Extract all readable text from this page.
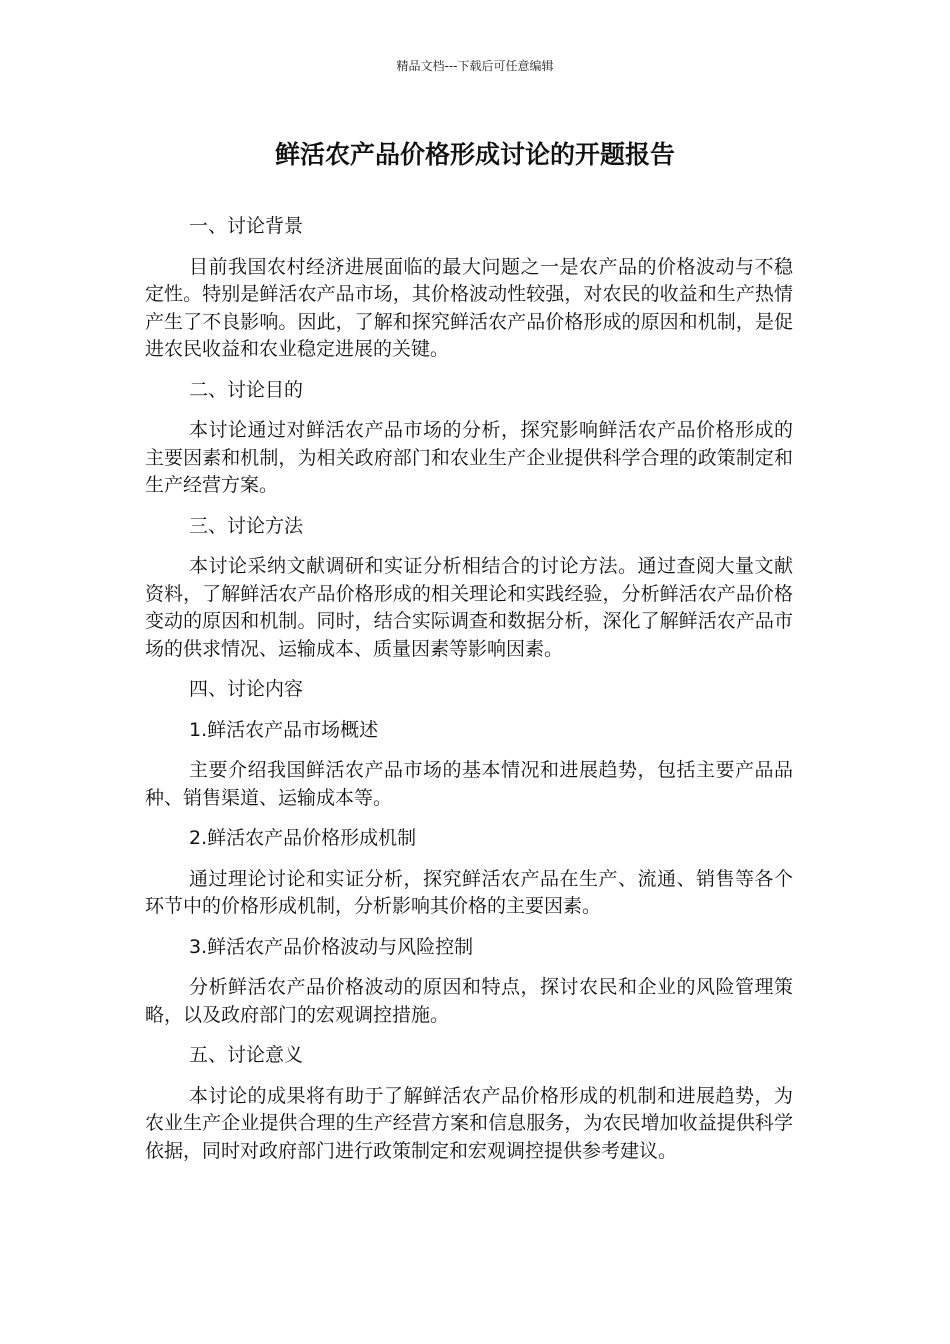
精品文档---下载后可任意编辑
鲜活农产品价格形成讨论的开题报告

一、讨论背景

目前我国农村经济进展面临的最大问题之一是农产品的价格波动与不稳定性。特别是鲜活农产品市场，其价格波动性较强，对农民的收益和生产热情产生了不良影响。因此，了解和探究鲜活农产品价格形成的原因和机制，是促进农民收益和农业稳定进展的关键。

二、讨论目的

本讨论通过对鲜活农产品市场的分析，探究影响鲜活农产品价格形成的主要因素和机制，为相关政府部门和农业生产企业提供科学合理的政策制定和生产经营方案。

三、讨论方法

本讨论采纳文献调研和实证分析相结合的讨论方法。通过查阅大量文献资料，了解鲜活农产品价格形成的相关理论和实践经验，分析鲜活农产品价格变动的原因和机制。同时，结合实际调查和数据分析，深化了解鲜活农产品市场的供求情况、运输成本、质量因素等影响因素。

四、讨论内容

1.鲜活农产品市场概述

主要介绍我国鲜活农产品市场的基本情况和进展趋势，包括主要产品品种、销售渠道、运输成本等。

2.鲜活农产品价格形成机制

通过理论讨论和实证分析，探究鲜活农产品在生产、流通、销售等各个环节中的价格形成机制，分析影响其价格的主要因素。

3.鲜活农产品价格波动与风险控制

分析鲜活农产品价格波动的原因和特点，探讨农民和企业的风险管理策略，以及政府部门的宏观调控措施。

五、讨论意义

本讨论的成果将有助于了解鲜活农产品价格形成的机制和进展趋势，为农业生产企业提供合理的生产经营方案和信息服务，为农民增加收益提供科学依据，同时对政府部门进行政策制定和宏观调控提供参考建议。
